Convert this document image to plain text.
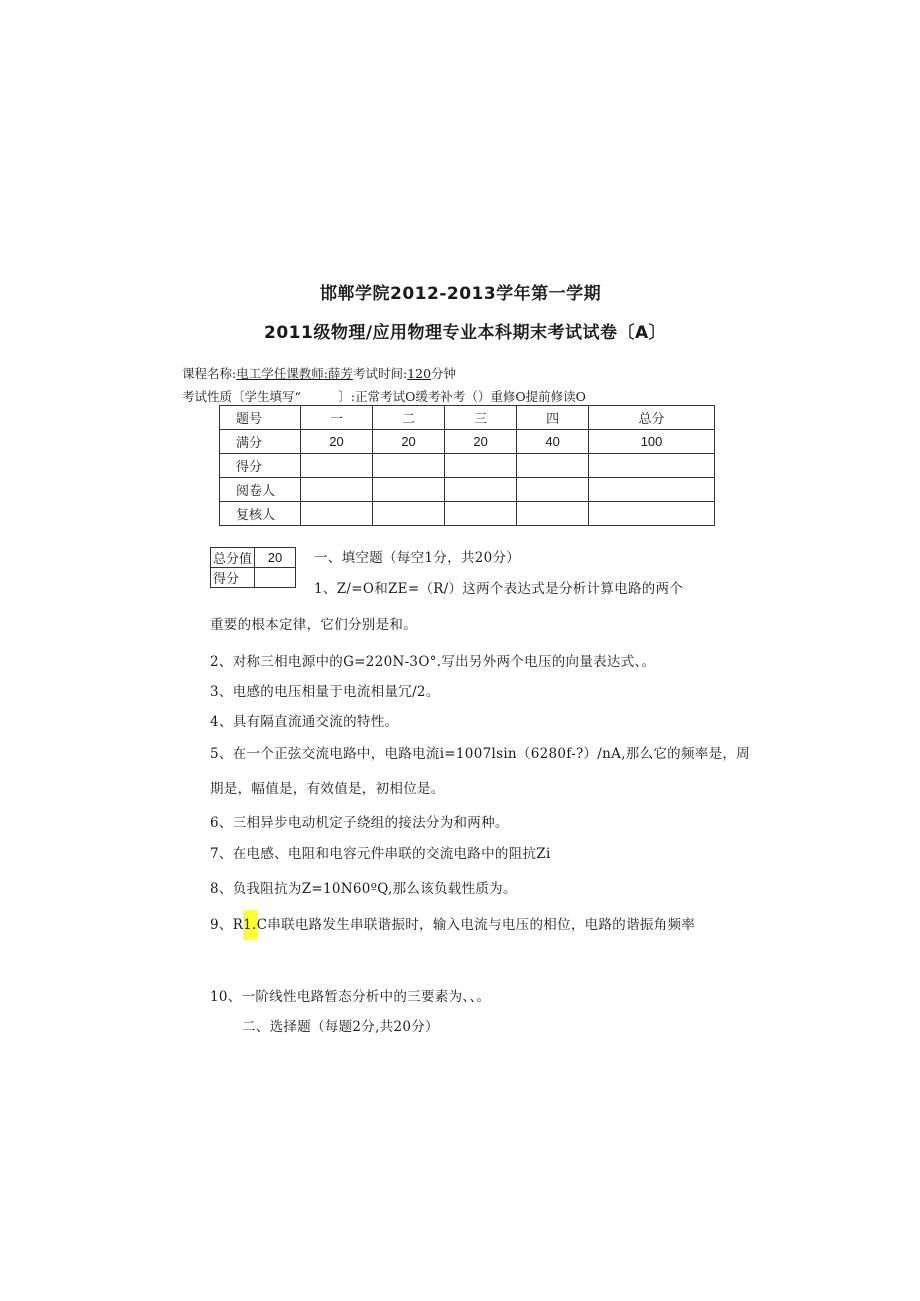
邯郸学院2012-2013学年第一学期
2011级物理/应用物理专业本科期末考试试卷〔A〕
课程名称:电工学任课教师:薛芳考试时间:120分钟
考试性质〔学生填写“　　　〕:正常考试O缓考补考（）重修O提前修读O
题号	一	二	三	四	总分
满分	20	20	20	40	100
得分					
阅卷人					
复核人					
总分值	20
得分	
一、填空题（每空1分，共20分）
1、Z/=O和ZE=（R/）这两个表达式是分析计算电路的两个
重要的根本定律，它们分别是和。
2、对称三相电源中的G=220N-3O°.写出另外两个电压的向量表达式、。
3、电感的电压相量于电流相量冗/2。
4、具有隔直流通交流的特性。
5、在一个正弦交流电路中，电路电流i=1007lsin（6280f-?）/nA,那么它的频率是，周
期是，幅值是，有效值是，初相位是。
6、三相异步电动机定子绕组的接法分为和两种。
7、在电感、电阻和电容元件串联的交流电路中的阻抗Zi
8、负我阻抗为Z=10N60ºQ,那么该负载性质为。
9、R1.C串联电路发生串联谐振时，输入电流与电压的相位，电路的谐振角频率
10、一阶线性电路暂态分析中的三要素为、、。
二、选择题（每题2分,共20分）
